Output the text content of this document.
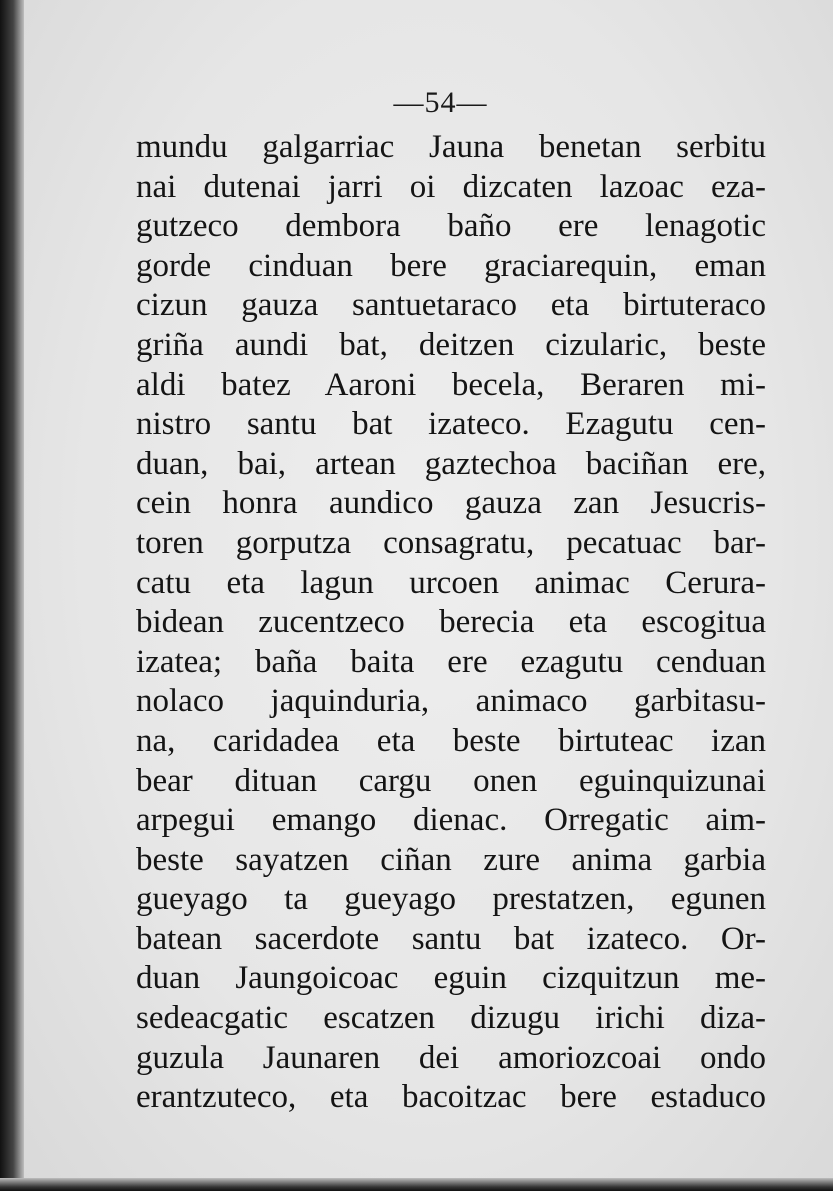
—54—
mundu galgarriac Jauna benetan serbitu
nai dutenai jarri oi dizcaten lazoac eza-
gutzeco dembora baño ere lenagotic
gorde cinduan bere graciarequin, eman
cizun gauza santuetaraco eta birtuteraco
griña aundi bat, deitzen cizularic, beste
aldi batez Aaroni becela, Beraren mi-
nistro santu bat izateco. Ezagutu cen-
duan, bai, artean gaztechoa baciñan ere,
cein honra aundico gauza zan Jesucris-
toren gorputza consagratu, pecatuac bar-
catu eta lagun urcoen animac Cerura-
bidean zucentzeco berecia eta escogitua
izatea; baña baita ere ezagutu cenduan
nolaco jaquinduria, animaco garbitasu-
na, caridadea eta beste birtuteac izan
bear dituan cargu onen eguinquizunai
arpegui emango dienac. Orregatic aim-
beste sayatzen ciñan zure anima garbia
gueyago ta gueyago prestatzen, egunen
batean sacerdote santu bat izateco. Or-
duan Jaungoicoac eguin cizquitzun me-
sedeacgatic escatzen dizugu irichi diza-
guzula Jaunaren dei amoriozcoai ondo
erantzuteco, eta bacoitzac bere estaduco
